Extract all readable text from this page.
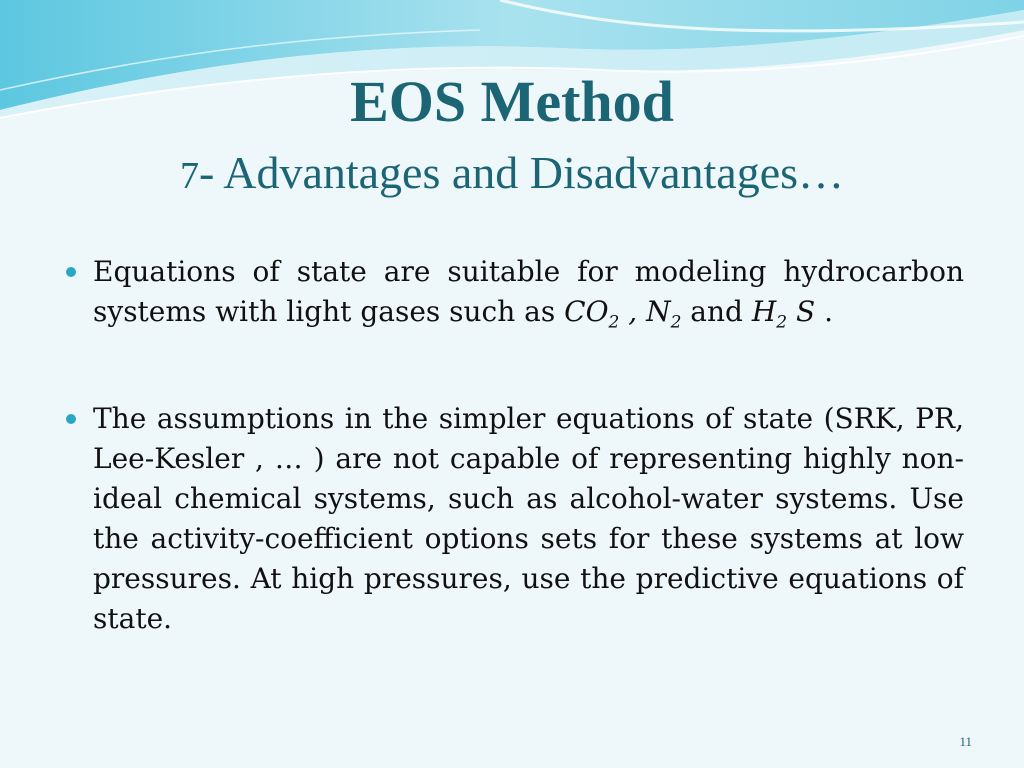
EOS Method
7- Advantages and Disadvantages…
Equations of state are suitable for modeling hydrocarbon systems with light gases such as $CO_2$ , $N_2$ and $H_2$ S .
The assumptions in the simpler equations of state (SRK, PR, Lee-Kesler , … ) are not capable of representing highly non-ideal chemical systems, such as alcohol-water systems. Use the activity-coefficient options sets for these systems at low pressures. At high pressures, use the predictive equations of state.
11
